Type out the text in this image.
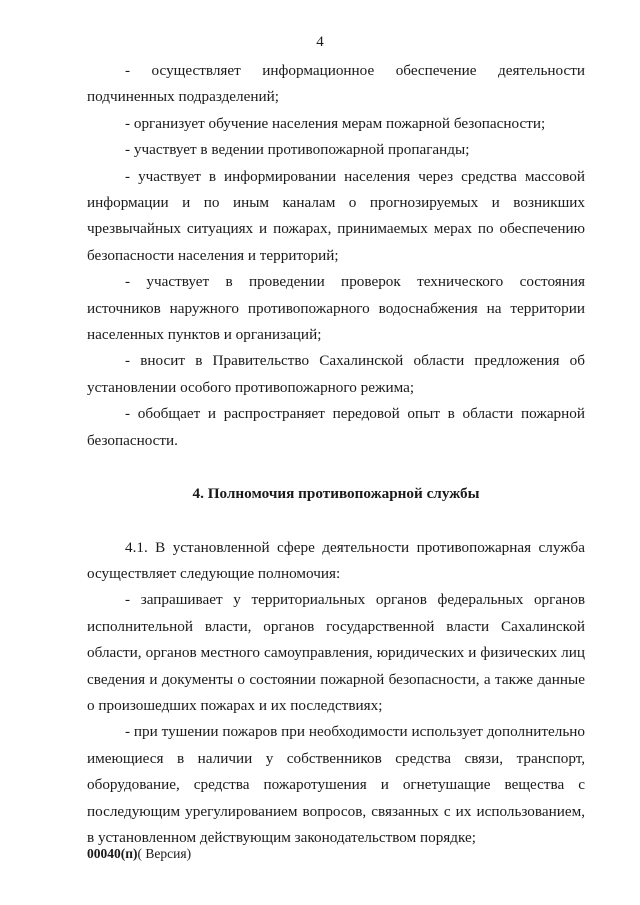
4

- осуществляет информационное обеспечение деятельности подчиненных подразделений;

- организует обучение населения мерам пожарной безопасности;

- участвует в ведении противопожарной пропаганды;

- участвует в информировании населения через средства массовой информации и по иным каналам о прогнозируемых и возникших чрезвычайных ситуациях и пожарах, принимаемых мерах по обеспечению безопасности населения и территорий;

- участвует в проведении проверок технического состояния источников наружного противопожарного водоснабжения на территории населенных пунктов и организаций;

- вносит в Правительство Сахалинской области предложения об установлении особого противопожарного режима;

- обобщает и распространяет передовой опыт в области пожарной безопасности.

4. Полномочия противопожарной службы

4.1. В установленной сфере деятельности противопожарная служба осуществляет следующие полномочия:

- запрашивает у территориальных органов федеральных органов исполнительной власти, органов государственной власти Сахалинской области, органов местного самоуправления, юридических и физических лиц сведения и документы о состоянии пожарной безопасности, а также данные о произошедших пожарах и их последствиях;

- при тушении пожаров при необходимости использует дополнительно имеющиеся в наличии у собственников средства связи, транспорт, оборудование, средства пожаротушения и огнетушащие вещества с последующим урегулированием вопросов, связанных с их использованием, в установленном действующим законодательством порядке;

00040(п)( Версия)
